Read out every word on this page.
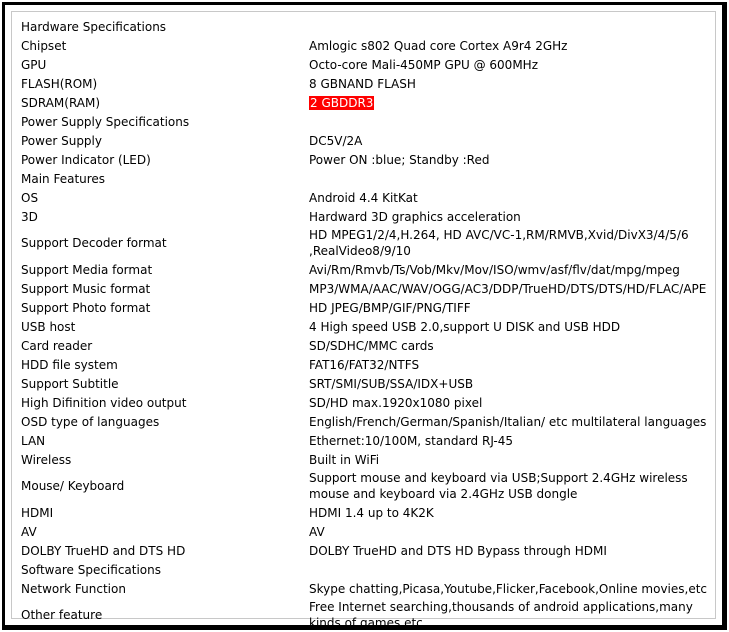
Hardware Specifications	
Chipset	Amlogic s802 Quad core Cortex A9r4 2GHz
GPU	Octo-core Mali-450MP GPU @ 600MHz
FLASH(ROM)	8 GBNAND FLASH
SDRAM(RAM)	2 GBDDR3
Power Supply Specifications	
Power Supply	DC5V/2A
Power Indicator (LED)	Power ON :blue; Standby :Red
Main Features	
OS	Android 4.4 KitKat
3D	Hardward 3D graphics acceleration
Support Decoder format	HD MPEG1/2/4,H.264, HD AVC/VC-1,RM/RMVB,Xvid/DivX3/4/5/6 ,RealVideo8/9/10
Support Media format	Avi/Rm/Rmvb/Ts/Vob/Mkv/Mov/ISO/wmv/asf/flv/dat/mpg/mpeg
Support Music format	MP3/WMA/AAC/WAV/OGG/AC3/DDP/TrueHD/DTS/DTS/HD/FLAC/APE
Support Photo format	HD JPEG/BMP/GIF/PNG/TIFF
USB host	4 High speed USB 2.0,support U DISK and USB HDD
Card reader	SD/SDHC/MMC cards
HDD file system	FAT16/FAT32/NTFS
Support Subtitle	SRT/SMI/SUB/SSA/IDX+USB
High Difinition video output	SD/HD max.1920x1080 pixel
OSD type of languages	English/French/German/Spanish/Italian/ etc multilateral languages
LAN	Ethernet:10/100M, standard RJ-45
Wireless	Built in WiFi
Mouse/ Keyboard	Support mouse and keyboard via USB;Support 2.4GHz wireless mouse and keyboard via 2.4GHz USB dongle
HDMI	HDMI 1.4 up to 4K2K
AV	AV
DOLBY TrueHD and DTS HD	DOLBY TrueHD and DTS HD Bypass through HDMI
Software Specifications	
Network Function	Skype chatting,Picasa,Youtube,Flicker,Facebook,Online movies,etc
Other feature	Free Internet searching,thousands of android applications,many kinds of games,etc
